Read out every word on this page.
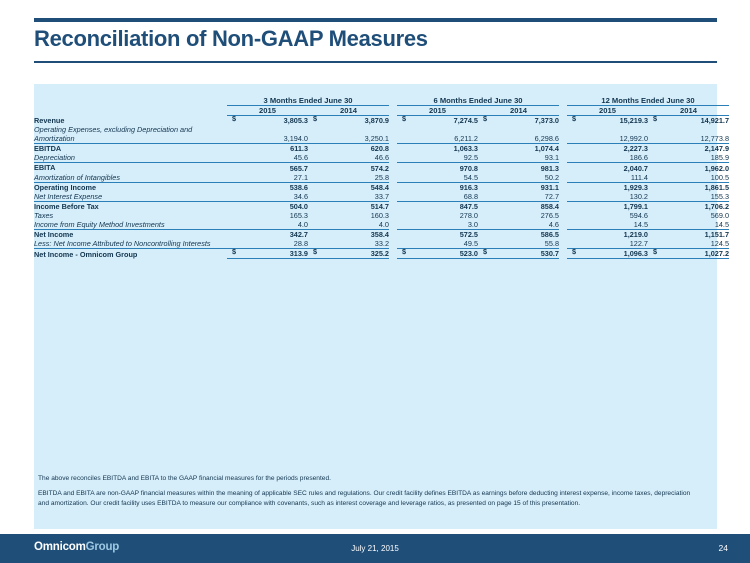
Reconciliation of Non-GAAP Measures
	3 Months Ended June 30			6 Months Ended June 30			12 Months Ended June 30	
	2015	2014		2015	2014		2015	2014
Revenue	$ 3,805.3	$ 3,870.9		$ 7,274.5	$ 7,373.0		$ 15,219.3	$ 14,921.7
Operating Expenses, excluding Depreciation and Amortization	3,194.0	3,250.1		6,211.2	6,298.6		12,992.0	12,773.8
EBITDA	611.3	620.8		1,063.3	1,074.4		2,227.3	2,147.9
Depreciation	45.6	46.6		92.5	93.1		186.6	185.9
EBITA	565.7	574.2		970.8	981.3		2,040.7	1,962.0
Amortization of Intangibles	27.1	25.8		54.5	50.2		111.4	100.5
Operating Income	538.6	548.4		916.3	931.1		1,929.3	1,861.5
Net Interest Expense	34.6	33.7		68.8	72.7		130.2	155.3
Income Before Tax	504.0	514.7		847.5	858.4		1,799.1	1,706.2
Taxes	165.3	160.3		278.0	276.5		594.6	569.0
Income from Equity Method Investments	4.0	4.0		3.0	4.6		14.5	14.5
Net Income	342.7	358.4		572.5	586.5		1,219.0	1,151.7
Less: Net Income Attributed to Noncontrolling Interests	28.8	33.2		49.5	55.8		122.7	124.5
Net Income - Omnicom Group	$ 313.9	$ 325.2		$ 523.0	$ 530.7		$ 1,096.3	$ 1,027.2
The above reconciles EBITDA and EBITA to the GAAP financial measures for the periods presented.
EBITDA and EBITA are non-GAAP financial measures within the meaning of applicable SEC rules and regulations. Our credit facility defines EBITDA as earnings before deducting interest expense, income taxes, depreciation and amortization. Our credit facility uses EBITDA to measure our compliance with covenants, such as interest coverage and leverage ratios, as presented on page 15 of this presentation.
OmnicomGroup	July 21, 2015	24
